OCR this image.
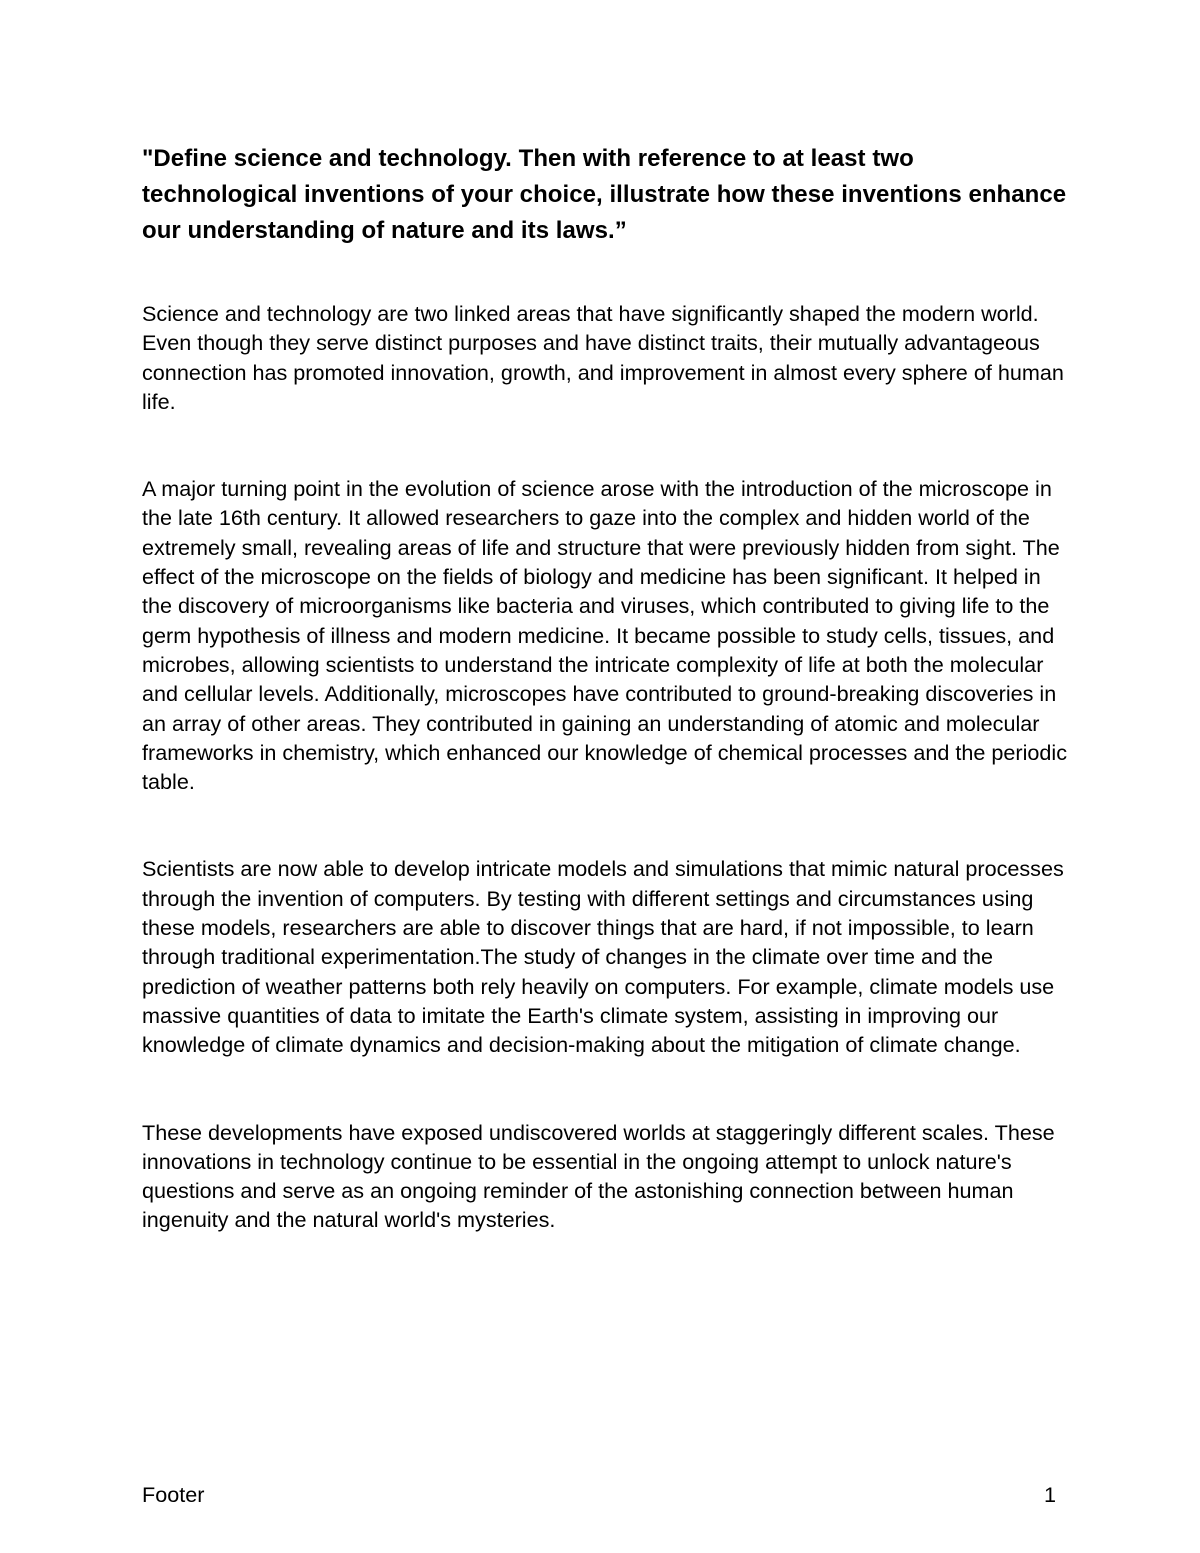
"Define science and technology. Then with reference to at least two technological inventions of your choice, illustrate how these inventions enhance our understanding of nature and its laws.”

Science and technology are two linked areas that have significantly shaped the modern world. Even though they serve distinct purposes and have distinct traits, their mutually advantageous connection has promoted innovation, growth, and improvement in almost every sphere of human life.

A major turning point in the evolution of science arose with the introduction of the microscope in the late 16th century. It allowed researchers to gaze into the complex and hidden world of the extremely small, revealing areas of life and structure that were previously hidden from sight. The effect of the microscope on the fields of biology and medicine has been significant. It helped in the discovery of microorganisms like bacteria and viruses, which contributed to giving life to the germ hypothesis of illness and modern medicine. It became possible to study cells, tissues, and microbes, allowing scientists to understand the intricate complexity of life at both the molecular and cellular levels. Additionally, microscopes have contributed to ground-breaking discoveries in an array of other areas. They contributed in gaining an understanding of atomic and molecular frameworks in chemistry, which enhanced our knowledge of chemical processes and the periodic table.

Scientists are now able to develop intricate models and simulations that mimic natural processes through the invention of computers. By testing with different settings and circumstances using these models, researchers are able to discover things that are hard, if not impossible, to learn through traditional experimentation.The study of changes in the climate over time and the prediction of weather patterns both rely heavily on computers. For example, climate models use massive quantities of data to imitate the Earth's climate system, assisting in improving our knowledge of climate dynamics and decision-making about the mitigation of climate change.

These developments have exposed undiscovered worlds at staggeringly different scales. These innovations in technology continue to be essential in the ongoing attempt to unlock nature's questions and serve as an ongoing reminder of the astonishing connection between human ingenuity and the natural world's mysteries.

Footer	1
